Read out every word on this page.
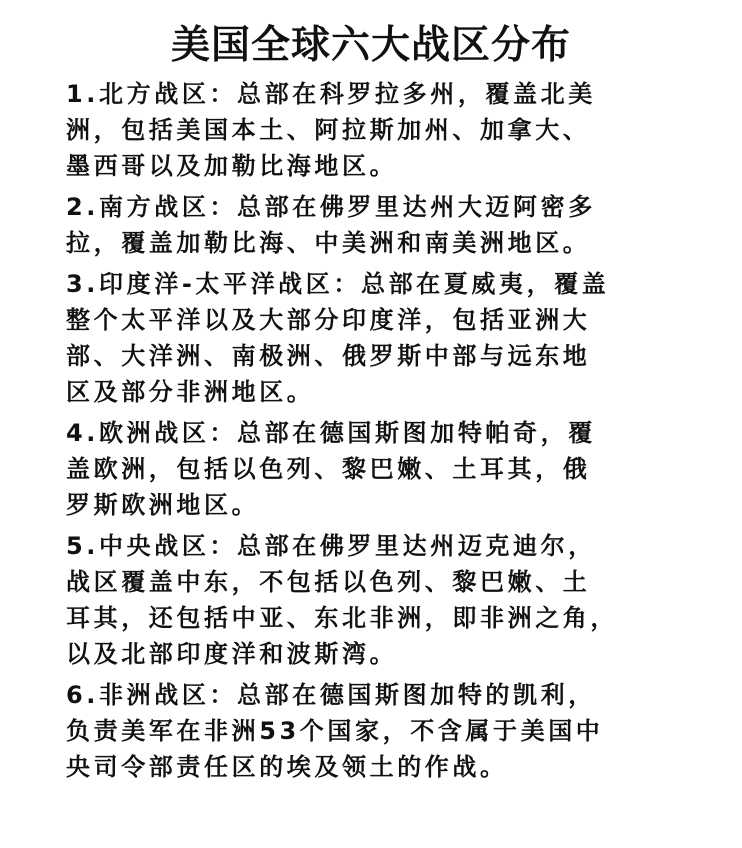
美国全球六大战区分布
1.北方战区：总部在科罗拉多州，覆盖北美
洲，包括美国本土、阿拉斯加州、加拿大、
墨西哥以及加勒比海地区。
2.南方战区：总部在佛罗里达州大迈阿密多
拉，覆盖加勒比海、中美洲和南美洲地区。
3.印度洋-太平洋战区：总部在夏威夷，覆盖
整个太平洋以及大部分印度洋，包括亚洲大
部、大洋洲、南极洲、俄罗斯中部与远东地
区及部分非洲地区。
4.欧洲战区：总部在德国斯图加特帕奇，覆
盖欧洲，包括以色列、黎巴嫩、土耳其，俄
罗斯欧洲地区。
5.中央战区：总部在佛罗里达州迈克迪尔，
战区覆盖中东，不包括以色列、黎巴嫩、土
耳其，还包括中亚、东北非洲，即非洲之角，
以及北部印度洋和波斯湾。
6.非洲战区：总部在德国斯图加特的凯利，
负责美军在非洲53个国家，不含属于美国中
央司令部责任区的埃及领土的作战。
